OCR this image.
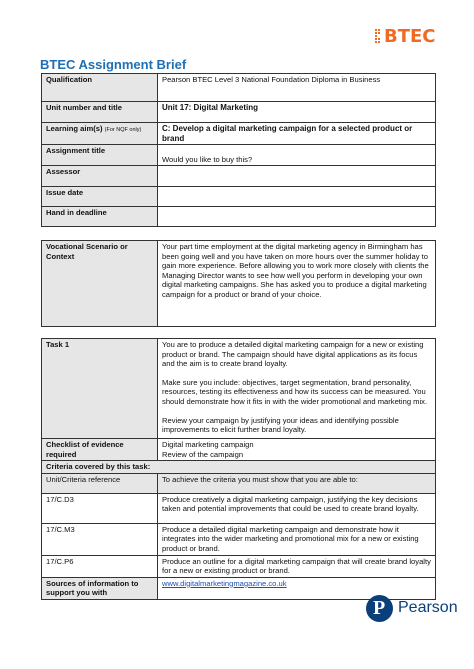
BTEC
BTEC Assignment Brief
Qualification	Pearson BTEC Level 3 National Foundation Diploma in Business
Unit number and title	Unit 17: Digital Marketing
Learning aim(s) (For NQF only)	C: Develop a digital marketing campaign for a selected product or brand
Assignment title	Would you like to buy this?
Assessor	
Issue date	
Hand in deadline	
Vocational Scenario or Context	Your part time employment at the digital marketing agency in Birmingham has been going well and you have taken on more hours over the summer holiday to gain more experience. Before allowing you to work more closely with clients the Managing Director wants to see how well you perform in developing your own digital marketing campaigns. She has asked you to produce a digital marketing campaign for a product or brand of your choice.
Task 1	You are to produce a detailed digital marketing campaign for a new or existing product or brand. The campaign should have digital applications as its focus and the aim is to create brand loyalty.

Make sure you include: objectives, target segmentation, brand personality, resources, testing its effectiveness and how its success can be measured. You should demonstrate how it fits in with the wider promotional and marketing mix.

Review your campaign by justifying your ideas and identifying possible improvements to elicit further brand loyalty.

Checklist of evidence required	Digital marketing campaign
Review of the campaign

Criteria covered by this task:	
Unit/Criteria reference	To achieve the criteria you must show that you are able to:
17/C.D3	Produce creatively a digital marketing campaign, justifying the key decisions taken and potential improvements that could be used to create brand loyalty.
17/C.M3	Produce a detailed digital marketing campaign and demonstrate how it integrates into the wider marketing and promotional mix for a new or existing product or brand.
17/C.P6	Produce an outline for a digital marketing campaign that will create brand loyalty for a new or existing product or brand.
Sources of information to support you with	www.digitalmarketingmagazine.co.uk
P Pearson
